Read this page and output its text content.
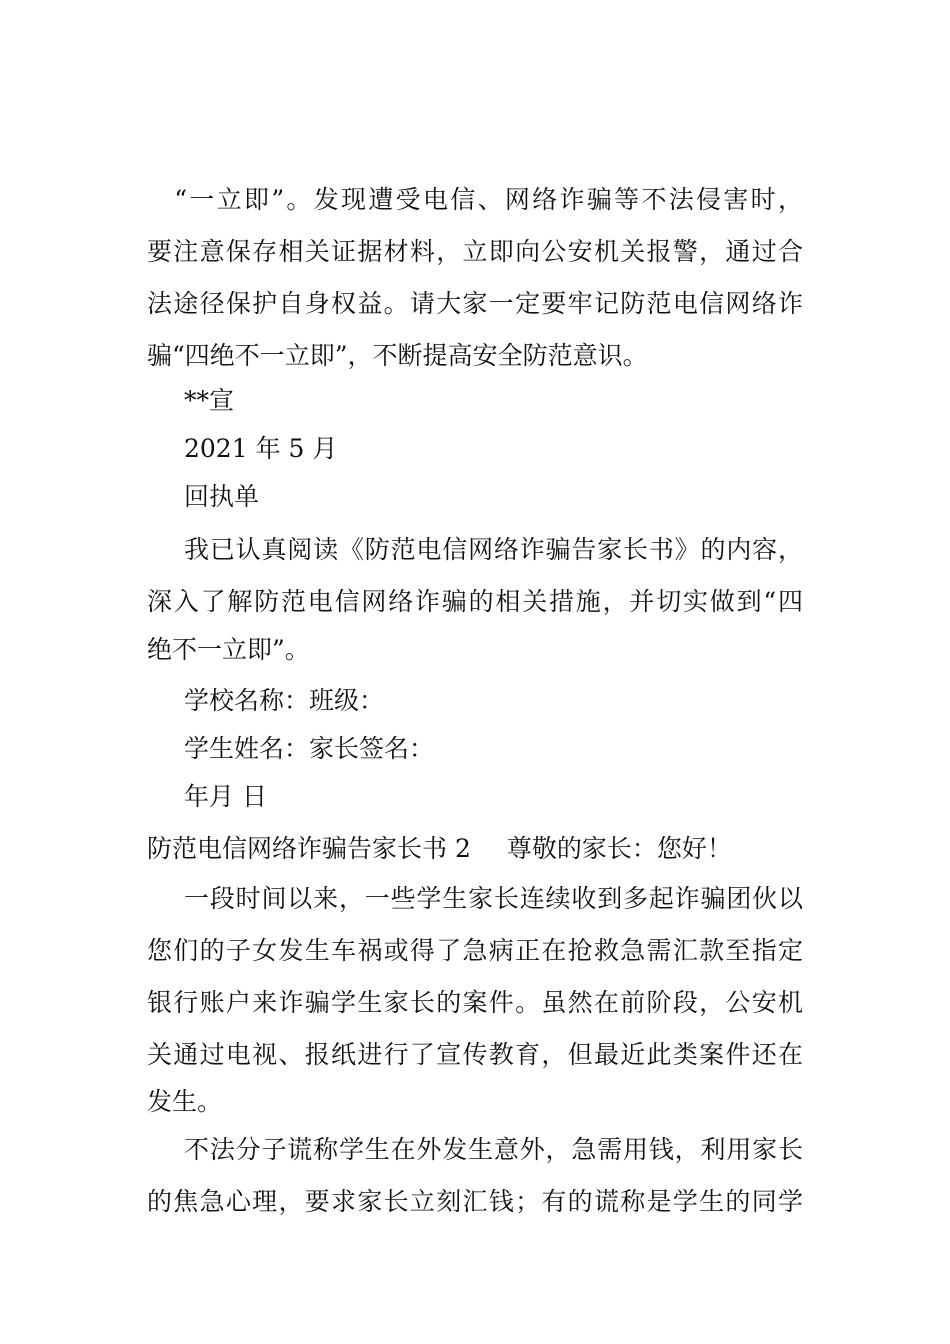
　“一立即”。发现遭受电信、网络诈骗等不法侵害时，
要注意保存相关证据材料，立即向公安机关报警，通过合
法途径保护自身权益。请大家一定要牢记防范电信网络诈
骗“四绝不一立即”，不断提高安全防范意识。
**宣
2021 年 5 月
回执单
我已认真阅读《防范电信网络诈骗告家长书》的内容，
深入了解防范电信网络诈骗的相关措施，并切实做到“四
绝不一立即”。
学校名称：班级：
学生姓名：家长签名：
年月 日
防范电信网络诈骗告家长书 2 尊敬的家长：您好！
一段时间以来，一些学生家长连续收到多起诈骗团伙以
您们的子女发生车祸或得了急病正在抢救急需汇款至指定
银行账户来诈骗学生家长的案件。虽然在前阶段，公安机
关通过电视、报纸进行了宣传教育，但最近此类案件还在
发生。
不法分子谎称学生在外发生意外，急需用钱，利用家长
的焦急心理，要求家长立刻汇钱；有的谎称是学生的同学
